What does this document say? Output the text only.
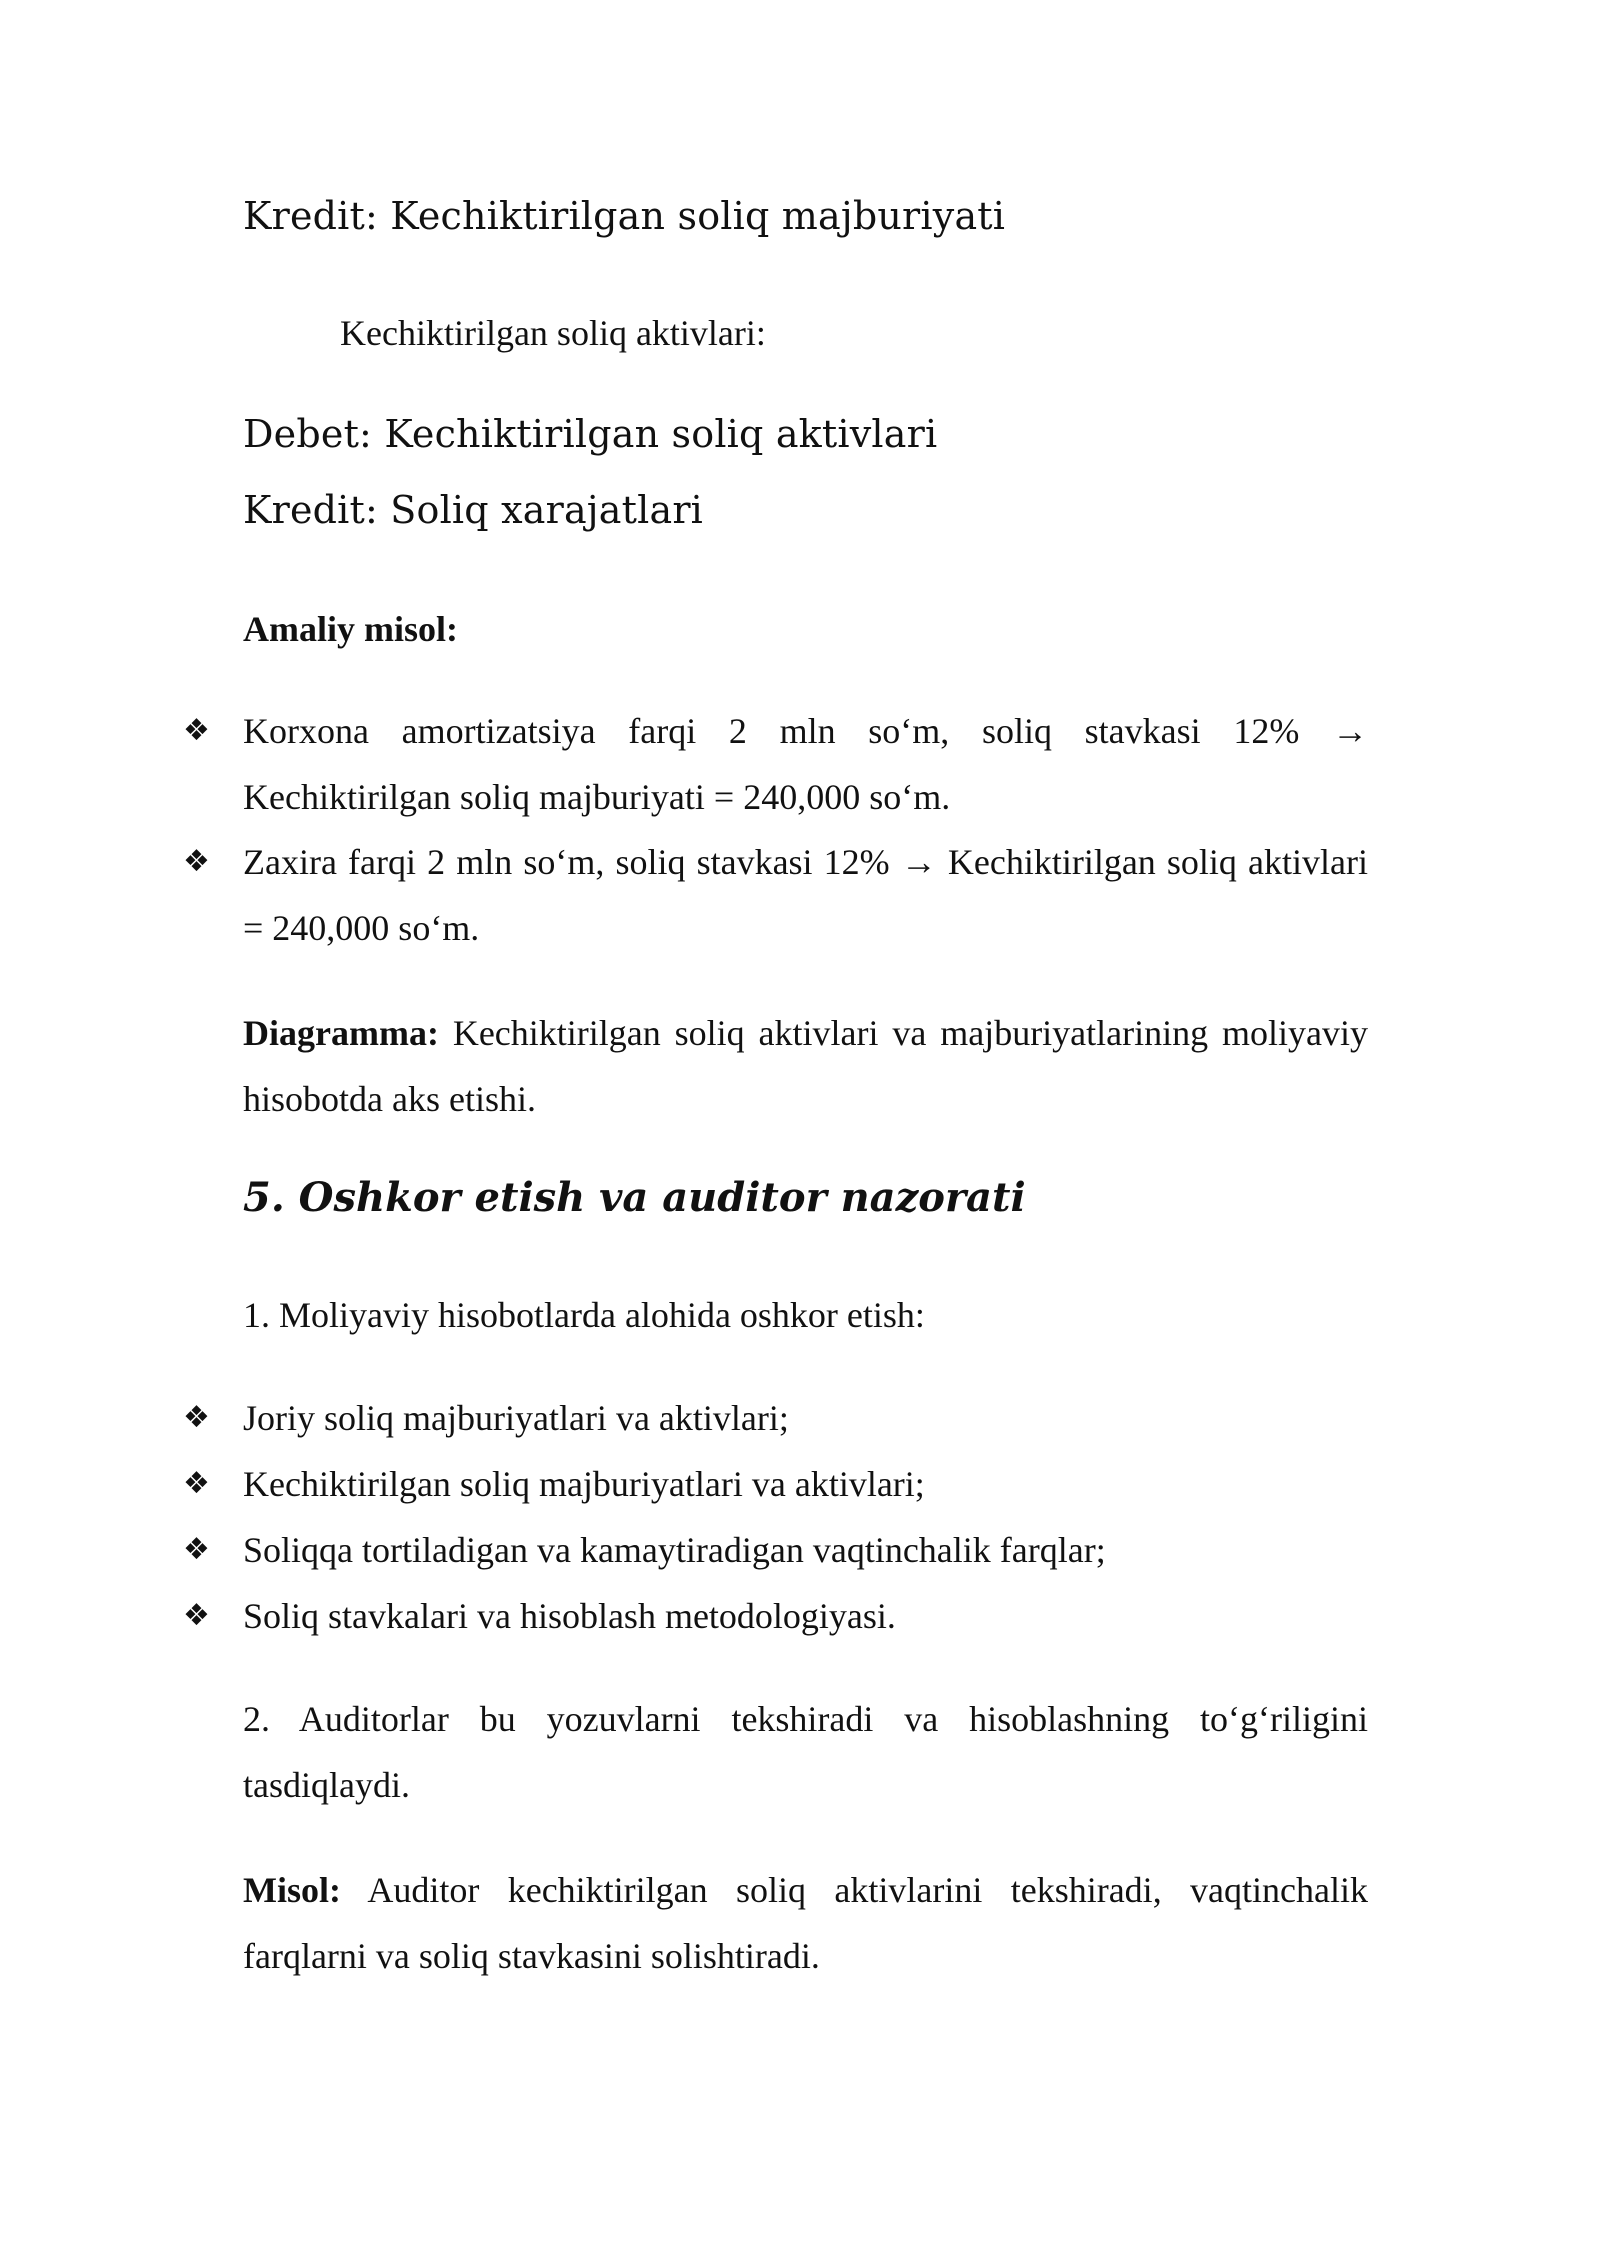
Kredit: Kechiktirilgan soliq majburiyati

Kechiktirilgan soliq aktivlari:

Debet: Kechiktirilgan soliq aktivlari

Kredit: Soliq xarajatlari

Amaliy misol:

❖ Korxona amortizatsiya farqi 2 mln so‘m, soliq stavkasi 12% → Kechiktirilgan soliq majburiyati = 240,000 so‘m.
❖ Zaxira farqi 2 mln so‘m, soliq stavkasi 12% → Kechiktirilgan soliq aktivlari = 240,000 so‘m.

Diagramma: Kechiktirilgan soliq aktivlari va majburiyatlarining moliyaviy hisobotda aks etishi.

5. Oshkor etish va auditor nazorati

1. Moliyaviy hisobotlarda alohida oshkor etish:

❖ Joriy soliq majburiyatlari va aktivlari;
❖ Kechiktirilgan soliq majburiyatlari va aktivlari;
❖ Soliqqa tortiladigan va kamaytiradigan vaqtinchalik farqlar;
❖ Soliq stavkalari va hisoblash metodologiyasi.

2. Auditorlar bu yozuvlarni tekshiradi va hisoblashning to‘g‘riligini tasdiqlaydi.

Misol: Auditor kechiktirilgan soliq aktivlarini tekshiradi, vaqtinchalik farqlarni va soliq stavkasini solishtiradi.
